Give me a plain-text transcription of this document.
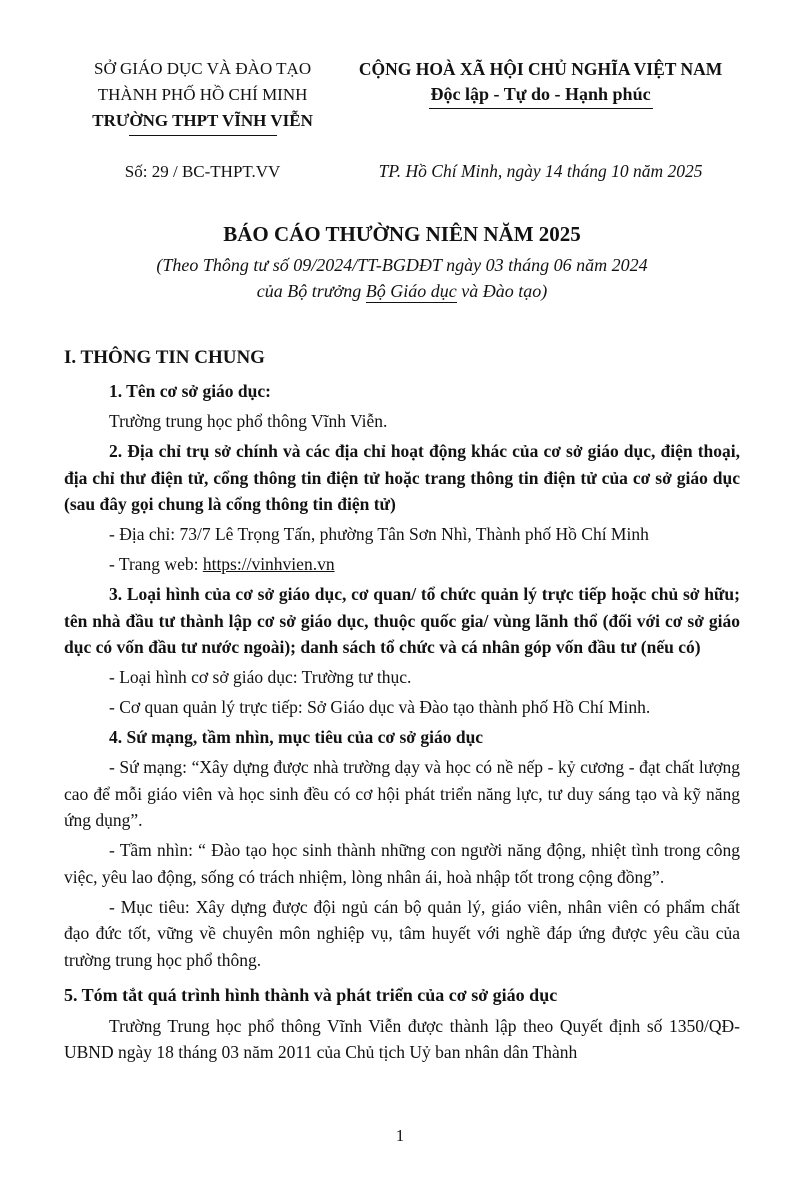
SỞ GIÁO DỤC VÀ ĐÀO TẠO
THÀNH PHỐ HỒ CHÍ MINH
TRƯỜNG THPT VĨNH VIỄN
CỘNG HOÀ XÃ HỘI CHỦ NGHĨA VIỆT NAM
Độc lập - Tự do - Hạnh phúc
Số: 29 / BC-THPT.VV	TP. Hồ Chí Minh, ngày 14 tháng 10 năm 2025
BÁO CÁO THƯỜNG NIÊN NĂM 2025
(Theo Thông tư số 09/2024/TT-BGDĐT ngày 03 tháng 06 năm 2024
của Bộ trưởng Bộ Giáo dục và Đào tạo)
I. THÔNG TIN CHUNG
1. Tên cơ sở giáo dục:
Trường trung học phổ thông Vĩnh Viễn.
2. Địa chỉ trụ sở chính và các địa chỉ hoạt động khác của cơ sở giáo dục, điện thoại, địa chỉ thư điện tử, cổng thông tin điện tử hoặc trang thông tin điện tử của cơ sở giáo dục (sau đây gọi chung là cổng thông tin điện tử)
- Địa chỉ: 73/7 Lê Trọng Tấn, phường Tân Sơn Nhì, Thành phố Hồ Chí Minh
- Trang web: https://vinhvien.vn
3. Loại hình của cơ sở giáo dục, cơ quan/ tổ chức quản lý trực tiếp hoặc chủ sở hữu; tên nhà đầu tư thành lập cơ sở giáo dục, thuộc quốc gia/ vùng lãnh thổ (đối với cơ sở giáo dục có vốn đầu tư nước ngoài); danh sách tổ chức và cá nhân góp vốn đầu tư (nếu có)
- Loại hình cơ sở giáo dục: Trường tư thục.
- Cơ quan quản lý trực tiếp: Sở Giáo dục và Đào tạo thành phố Hồ Chí Minh.
4. Sứ mạng, tầm nhìn, mục tiêu của cơ sở giáo dục
- Sứ mạng: “Xây dựng được nhà trường dạy và học có nề nếp - kỷ cương - đạt chất lượng cao để mỗi giáo viên và học sinh đều có cơ hội phát triển năng lực, tư duy sáng tạo và kỹ năng ứng dụng”.
- Tầm nhìn: “ Đào tạo học sinh thành những con người năng động, nhiệt tình trong công việc, yêu lao động, sống có trách nhiệm, lòng nhân ái, hoà nhập tốt trong cộng đồng”.
- Mục tiêu: Xây dựng được đội ngủ cán bộ quản lý, giáo viên, nhân viên có phẩm chất đạo đức tốt, vững về chuyên môn nghiệp vụ, tâm huyết với nghề đáp ứng được yêu cầu của trường trung học phổ thông.
5. Tóm tắt quá trình hình thành và phát triển của cơ sở giáo dục
Trường Trung học phổ thông Vĩnh Viễn được thành lập theo Quyết định số 1350/QĐ-UBND ngày 18 tháng 03 năm 2011 của Chủ tịch Uỷ ban nhân dân Thành
1
